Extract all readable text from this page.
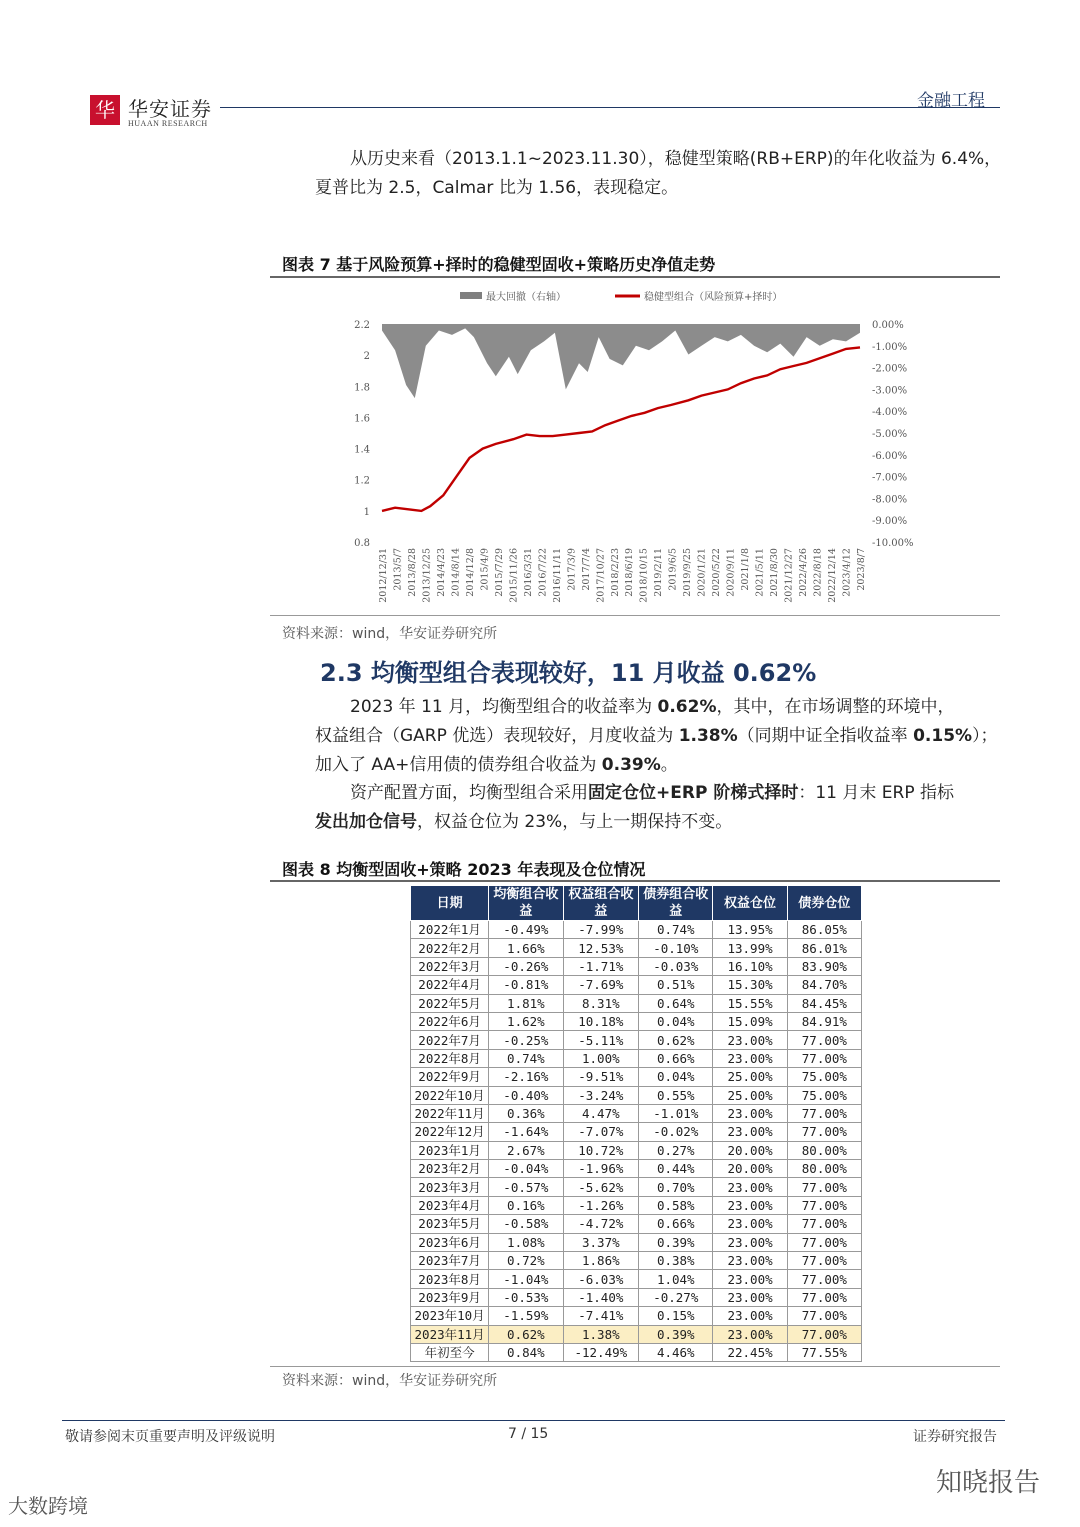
华 华安证券
HUAAN RESEARCH
金融工程
从历史来看（2013.1.1~2023.11.30），稳健型策略(RB+ERP)的年化收益为 6.4%，
夏普比为 2.5，Calmar 比为 1.56，表现稳定。
图表 7 基于风险预算+择时的稳健型固收+策略历史净值走势
最大回撤（右轴）	稳健型组合（风险预算+择时）
0.8
1
1.2
1.4
1.6
1.8
2
2.2	0.00%
-1.00%
-2.00%
-3.00%
-4.00%
-5.00%
-6.00%
-7.00%
-8.00%
-9.00%
-10.00%
2012/12/31 2013/5/7 2013/8/28 2013/12/25 2014/4/23 2014/8/14 2014/12/8 2015/4/9 2015/7/29 2015/11/26 2016/3/31 2016/7/22 2016/11/11 2017/3/9 2017/7/4 2017/10/27 2018/2/23 2018/6/19 2018/10/15 2019/2/11 2019/6/5 2019/9/25 2020/1/21 2020/5/22 2020/9/11 2021/1/8 2021/5/11 2021/8/30 2021/12/27 2022/4/26 2022/8/18 2022/12/14 2023/4/12 2023/8/7
资料来源：wind，华安证券研究所
2.3 均衡型组合表现较好，11 月收益 0.62%
2023 年 11 月，均衡型组合的收益率为 0.62%，其中，在市场调整的环境中，
权益组合（GARP 优选）表现较好，月度收益为 1.38%（同期中证全指收益率 0.15%）；
加入了 AA+信用债的债券组合收益为 0.39%。
资产配置方面，均衡型组合采用固定仓位+ERP 阶梯式择时：11 月末 ERP 指标
发出加仓信号，权益仓位为 23%，与上一期保持不变。
图表 8 均衡型固收+策略 2023 年表现及仓位情况
日期	均衡组合收益	权益组合收益	债券组合收益	权益仓位	债券仓位
2022年1月	-0.49%	-7.99%	0.74%	13.95%	86.05%
2022年2月	1.66%	12.53%	-0.10%	13.99%	86.01%
2022年3月	-0.26%	-1.71%	-0.03%	16.10%	83.90%
2022年4月	-0.81%	-7.69%	0.51%	15.30%	84.70%
2022年5月	1.81%	8.31%	0.64%	15.55%	84.45%
2022年6月	1.62%	10.18%	0.04%	15.09%	84.91%
2022年7月	-0.25%	-5.11%	0.62%	23.00%	77.00%
2022年8月	0.74%	1.00%	0.66%	23.00%	77.00%
2022年9月	-2.16%	-9.51%	0.04%	25.00%	75.00%
2022年10月	-0.40%	-3.24%	0.55%	25.00%	75.00%
2022年11月	0.36%	4.47%	-1.01%	23.00%	77.00%
2022年12月	-1.64%	-7.07%	-0.02%	23.00%	77.00%
2023年1月	2.67%	10.72%	0.27%	20.00%	80.00%
2023年2月	-0.04%	-1.96%	0.44%	20.00%	80.00%
2023年3月	-0.57%	-5.62%	0.70%	23.00%	77.00%
2023年4月	0.16%	-1.26%	0.58%	23.00%	77.00%
2023年5月	-0.58%	-4.72%	0.66%	23.00%	77.00%
2023年6月	1.08%	3.37%	0.39%	23.00%	77.00%
2023年7月	0.72%	1.86%	0.38%	23.00%	77.00%
2023年8月	-1.04%	-6.03%	1.04%	23.00%	77.00%
2023年9月	-0.53%	-1.40%	-0.27%	23.00%	77.00%
2023年10月	-1.59%	-7.41%	0.15%	23.00%	77.00%
2023年11月	0.62%	1.38%	0.39%	23.00%	77.00%
年初至今	0.84%	-12.49%	4.46%	22.45%	77.55%
资料来源：wind，华安证券研究所
敬请参阅末页重要声明及评级说明	7 / 15	证券研究报告
大数跨境
知晓报告
